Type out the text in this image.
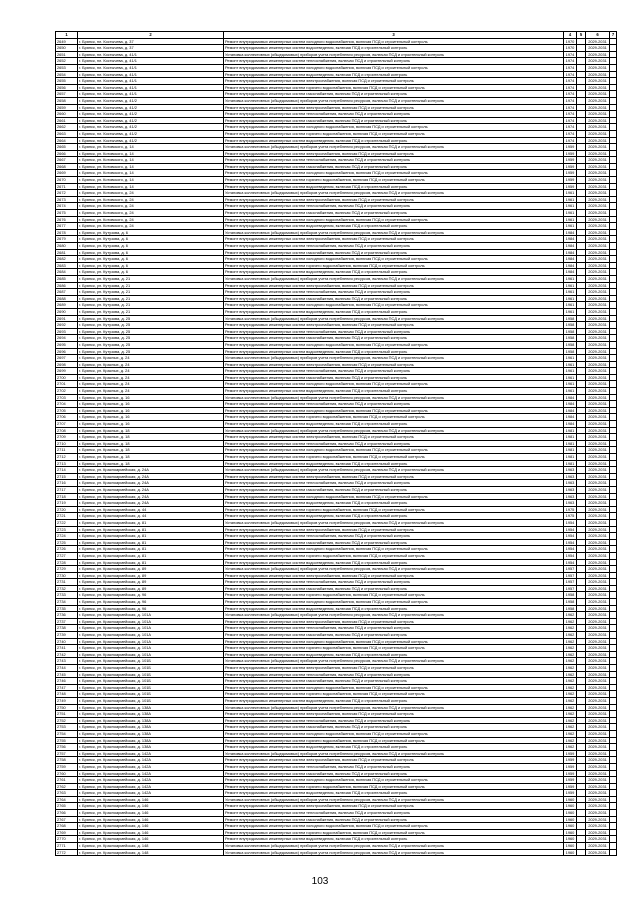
1	2	3	4	5	6	7
2649	г. Брянск, пл. Костычева, д. 37	Ремонт внутридомовых инженерных систем холодного водоснабжения, включая ПСД и строительный контроль	1970		2029-2031	
2650	г. Брянск, пл. Костычева, д. 37	Ремонт внутридомовых инженерных систем водоотведения, включая ПСД и строительный контроль	1970		2029-2031	
2651	г. Брянск, пл. Костычева, д. 41/1	Установка коллективных (общедомовых) приборов учета потребления ресурсов, включая ПСД и строительный контроль	1974		2029-2031	
2652	г. Брянск, пл. Костычева, д. 41/1	Ремонт внутридомовых инженерных систем теплоснабжения, включая ПСД и строительный контроль	1974		2029-2031	
2653	г. Брянск, пл. Костычева, д. 41/1	Ремонт внутридомовых инженерных систем холодного водоснабжения, включая ПСД и строительный контроль	1974		2029-2031	
2654	г. Брянск, пл. Костычева, д. 41/1	Ремонт внутридомовых инженерных систем водоотведения, включая ПСД и строительный контроль	1974		2029-2031	
2655	г. Брянск, пл. Костычева, д. 41/1	Ремонт внутридомовых инженерных систем электроснабжения, включая ПСД и строительный контроль	1974		2029-2031	
2656	г. Брянск, пл. Костычева, д. 41/1	Ремонт внутридомовых инженерных систем горячего водоснабжения, включая ПСД и строительный контроль	1974		2029-2031	
2657	г. Брянск, пл. Костычева, д. 41/1	Ремонт внутридомовых инженерных систем газоснабжения, включая ПСД и строительный контроль	1974		2029-2031	
2658	г. Брянск, пл. Костычева, д. 41/2	Установка коллективных (общедомовых) приборов учета потребления ресурсов, включая ПСД и строительный контроль	1974		2029-2031	
2659	г. Брянск, пл. Костычева, д. 41/2	Ремонт внутридомовых инженерных систем электроснабжения, включая ПСД и строительный контроль	1974		2029-2031	
2660	г. Брянск, пл. Костычева, д. 41/2	Ремонт внутридомовых инженерных систем теплоснабжения, включая ПСД и строительный контроль	1974		2029-2031	
2661	г. Брянск, пл. Костычева, д. 41/2	Ремонт внутридомовых инженерных систем газоснабжения, включая ПСД и строительный контроль	1974		2029-2031	
2662	г. Брянск, пл. Костычева, д. 41/2	Ремонт внутридомовых инженерных систем холодного водоснабжения, включая ПСД и строительный контроль	1974		2029-2031	
2663	г. Брянск, пл. Костычева, д. 41/2	Ремонт внутридомовых инженерных систем горячего водоснабжения, включая ПСД и строительный контроль	1974		2029-2031	
2664	г. Брянск, пл. Костычева, д. 41/2	Ремонт внутридомовых инженерных систем водоотведения, включая ПСД и строительный контроль	1974		2029-2031	
2665	г. Брянск, ул. Котовского, д. 14	Установка коллективных (общедомовых) приборов учета потребления ресурсов, включая ПСД и строительный контроль	1959		2029-2031	
2666	г. Брянск, ул. Котовского, д. 14	Ремонт внутридомовых инженерных систем электроснабжения, включая ПСД и строительный контроль	1959		2029-2031	
2667	г. Брянск, ул. Котовского, д. 14	Ремонт внутридомовых инженерных систем теплоснабжения, включая ПСД и строительный контроль	1959		2029-2031	
2668	г. Брянск, ул. Котовского, д. 14	Ремонт внутридомовых инженерных систем газоснабжения, включая ПСД и строительный контроль	1959		2029-2031	
2669	г. Брянск, ул. Котовского, д. 14	Ремонт внутридомовых инженерных систем холодного водоснабжения, включая ПСД и строительный контроль	1959		2029-2031	
2670	г. Брянск, ул. Котовского, д. 14	Ремонт внутридомовых инженерных систем горячего водоснабжения, включая ПСД и строительный контроль	1959		2029-2031	
2671	г. Брянск, ул. Котовского, д. 14	Ремонт внутридомовых инженерных систем водоотведения, включая ПСД и строительный контроль	1959		2029-2031	
2672	г. Брянск, ул. Котовского, д. 24	Установка коллективных (общедомовых) приборов учета потребления ресурсов, включая ПСД и строительный контроль	1961		2029-2031	
2673	г. Брянск, ул. Котовского, д. 24	Ремонт внутридомовых инженерных систем электроснабжения, включая ПСД и строительный контроль	1961		2029-2031	
2674	г. Брянск, ул. Котовского, д. 24	Ремонт внутридомовых инженерных систем теплоснабжения, включая ПСД и строительный контроль	1961		2029-2031	
2675	г. Брянск, ул. Котовского, д. 24	Ремонт внутридомовых инженерных систем газоснабжения, включая ПСД и строительный контроль	1961		2029-2031	
2676	г. Брянск, ул. Котовского, д. 24	Ремонт внутридомовых инженерных систем холодного водоснабжения, включая ПСД и строительный контроль	1961		2029-2031	
2677	г. Брянск, ул. Котовского, д. 24	Ремонт внутридомовых инженерных систем водоотведения, включая ПСД и строительный контроль	1961		2029-2031	
2678	г. Брянск, ул. Кутузова, д. 6	Установка коллективных (общедомовых) приборов учета потребления ресурсов, включая ПСД и строительный контроль	1984		2029-2031	
2679	г. Брянск, ул. Кутузова, д. 6	Ремонт внутридомовых инженерных систем электроснабжения, включая ПСД и строительный контроль	1984		2029-2031	
2680	г. Брянск, ул. Кутузова, д. 6	Ремонт внутридомовых инженерных систем теплоснабжения, включая ПСД и строительный контроль	1984		2029-2031	
2681	г. Брянск, ул. Кутузова, д. 6	Ремонт внутридомовых инженерных систем газоснабжения, включая ПСД и строительный контроль	1984		2029-2031	
2682	г. Брянск, ул. Кутузова, д. 6	Ремонт внутридомовых инженерных систем холодного водоснабжения, включая ПСД и строительный контроль	1984		2029-2031	
2683	г. Брянск, ул. Кутузова, д. 6	Ремонт внутридомовых инженерных систем горячего водоснабжения, включая ПСД и строительный контроль	1984		2029-2031	
2684	г. Брянск, ул. Кутузова, д. 6	Ремонт внутридомовых инженерных систем водоотведения, включая ПСД и строительный контроль	1984		2029-2031	
2685	г. Брянск, ул. Кутузова, д. 21	Установка коллективных (общедомовых) приборов учета потребления ресурсов, включая ПСД и строительный контроль	1961		2029-2031	
2686	г. Брянск, ул. Кутузова, д. 21	Ремонт внутридомовых инженерных систем электроснабжения, включая ПСД и строительный контроль	1961		2029-2031	
2687	г. Брянск, ул. Кутузова, д. 21	Ремонт внутридомовых инженерных систем теплоснабжения, включая ПСД и строительный контроль	1961		2029-2031	
2688	г. Брянск, ул. Кутузова, д. 21	Ремонт внутридомовых инженерных систем газоснабжения, включая ПСД и строительный контроль	1961		2029-2031	
2689	г. Брянск, ул. Кутузова, д. 21	Ремонт внутридомовых инженерных систем холодного водоснабжения, включая ПСД и строительный контроль	1961		2029-2031	
2690	г. Брянск, ул. Кутузова, д. 21	Ремонт внутридомовых инженерных систем водоотведения, включая ПСД и строительный контроль	1961		2029-2031	
2691	г. Брянск, ул. Кутузова, д. 25	Установка коллективных (общедомовых) приборов учета потребления ресурсов, включая ПСД и строительный контроль	1958		2029-2031	
2692	г. Брянск, ул. Кутузова, д. 25	Ремонт внутридомовых инженерных систем электроснабжения, включая ПСД и строительный контроль	1958		2029-2031	
2693	г. Брянск, ул. Кутузова, д. 25	Ремонт внутридомовых инженерных систем теплоснабжения, включая ПСД и строительный контроль	1958		2029-2031	
2694	г. Брянск, ул. Кутузова, д. 25	Ремонт внутридомовых инженерных систем газоснабжения, включая ПСД и строительный контроль	1958		2029-2031	
2695	г. Брянск, ул. Кутузова, д. 25	Ремонт внутридомовых инженерных систем холодного водоснабжения, включая ПСД и строительный контроль	1958		2029-2031	
2696	г. Брянск, ул. Кутузова, д. 25	Ремонт внутридомовых инженерных систем водоотведения, включая ПСД и строительный контроль	1958		2029-2031	
2697	г. Брянск, ул. Красных, д. 24	Установка коллективных (общедомовых) приборов учета потребления ресурсов, включая ПСД и строительный контроль	1961		2029-2031	
2698	г. Брянск, ул. Красных, д. 24	Ремонт внутридомовых инженерных систем электроснабжения, включая ПСД и строительный контроль	1961		2029-2031	
2699	г. Брянск, ул. Красных, д. 24	Ремонт внутридомовых инженерных систем теплоснабжения, включая ПСД и строительный контроль	1961		2029-2031	
2700	г. Брянск, ул. Красных, д. 24	Ремонт внутридомовых инженерных систем газоснабжения, включая ПСД и строительный контроль	1961		2029-2031	
2701	г. Брянск, ул. Красных, д. 24	Ремонт внутридомовых инженерных систем холодного водоснабжения, включая ПСД и строительный контроль	1961		2029-2031	
2702	г. Брянск, ул. Красных, д. 24	Ремонт внутридомовых инженерных систем водоотведения, включая ПСД и строительный контроль	1961		2029-2031	
2703	г. Брянск, ул. Красных, д. 16	Установка коллективных (общедомовых) приборов учета потребления ресурсов, включая ПСД и строительный контроль	1984		2029-2031	
2704	г. Брянск, ул. Красных, д. 16	Ремонт внутридомовых инженерных систем теплоснабжения, включая ПСД и строительный контроль	1984		2029-2031	
2705	г. Брянск, ул. Красных, д. 16	Ремонт внутридомовых инженерных систем холодного водоснабжения, включая ПСД и строительный контроль	1984		2029-2031	
2706	г. Брянск, ул. Красных, д. 16	Ремонт внутридомовых инженерных систем горячего водоснабжения, включая ПСД и строительный контроль	1984		2029-2031	
2707	г. Брянск, ул. Красных, д. 16	Ремонт внутридомовых инженерных систем водоотведения, включая ПСД и строительный контроль	1984		2029-2031	
2708	г. Брянск, ул. Красных, д. 18	Установка коллективных (общедомовых) приборов учета потребления ресурсов, включая ПСД и строительный контроль	1981		2029-2031	
2709	г. Брянск, ул. Красных, д. 18	Ремонт внутридомовых инженерных систем электроснабжения, включая ПСД и строительный контроль	1981		2029-2031	
2710	г. Брянск, ул. Красных, д. 18	Ремонт внутридомовых инженерных систем теплоснабжения, включая ПСД и строительный контроль	1981		2029-2031	
2711	г. Брянск, ул. Красных, д. 18	Ремонт внутридомовых инженерных систем холодного водоснабжения, включая ПСД и строительный контроль	1981		2029-2031	
2712	г. Брянск, ул. Красных, д. 18	Ремонт внутридомовых инженерных систем горячего водоснабжения, включая ПСД и строительный контроль	1981		2029-2031	
2713	г. Брянск, ул. Красных, д. 18	Ремонт внутридомовых инженерных систем водоотведения, включая ПСД и строительный контроль	1981		2029-2031	
2714	г. Брянск, ул. Красноармейская, д. 24А	Установка коллективных (общедомовых) приборов учета потребления ресурсов, включая ПСД и строительный контроль	1963		2029-2031	
2715	г. Брянск, ул. Красноармейская, д. 24А	Ремонт внутридомовых инженерных систем электроснабжения, включая ПСД и строительный контроль	1963		2029-2031	
2716	г. Брянск, ул. Красноармейская, д. 24А	Ремонт внутридомовых инженерных систем теплоснабжения, включая ПСД и строительный контроль	1963		2029-2031	
2717	г. Брянск, ул. Красноармейская, д. 24А	Ремонт внутридомовых инженерных систем газоснабжения, включая ПСД и строительный контроль	1963		2029-2031	
2718	г. Брянск, ул. Красноармейская, д. 24А	Ремонт внутридомовых инженерных систем холодного водоснабжения, включая ПСД и строительный контроль	1963		2029-2031	
2719	г. Брянск, ул. Красноармейская, д. 24А	Ремонт внутридомовых инженерных систем водоотведения, включая ПСД и строительный контроль	1963		2029-2031	
2720	г. Брянск, ул. Красноармейская, д. 44	Ремонт внутридомовых инженерных систем горячего водоснабжения, включая ПСД и строительный контроль	1975		2029-2031	
2721	г. Брянск, ул. Красноармейская, д. 44	Ремонт внутридомовых инженерных систем водоотведения, включая ПСД и строительный контроль	1975		2029-2031	
2722	г. Брянск, ул. Красноармейская, д. 81	Установка коллективных (общедомовых) приборов учета потребления ресурсов, включая ПСД и строительный контроль	1954		2029-2031	
2723	г. Брянск, ул. Красноармейская, д. 81	Ремонт внутридомовых инженерных систем электроснабжения, включая ПСД и строительный контроль	1954		2029-2031	
2724	г. Брянск, ул. Красноармейская, д. 81	Ремонт внутридомовых инженерных систем теплоснабжения, включая ПСД и строительный контроль	1954		2029-2031	
2725	г. Брянск, ул. Красноармейская, д. 81	Ремонт внутридомовых инженерных систем газоснабжения, включая ПСД и строительный контроль	1954		2029-2031	
2726	г. Брянск, ул. Красноармейская, д. 81	Ремонт внутридомовых инженерных систем холодного водоснабжения, включая ПСД и строительный контроль	1954		2029-2031	
2727	г. Брянск, ул. Красноармейская, д. 81	Ремонт внутридомовых инженерных систем горячего водоснабжения, включая ПСД и строительный контроль	1954		2029-2031	
2728	г. Брянск, ул. Красноармейская, д. 81	Ремонт внутридомовых инженерных систем водоотведения, включая ПСД и строительный контроль	1954		2029-2031	
2729	г. Брянск, ул. Красноармейская, д. 89	Установка коллективных (общедомовых) приборов учета потребления ресурсов, включая ПСД и строительный контроль	1957		2029-2031	
2730	г. Брянск, ул. Красноармейская, д. 89	Ремонт внутридомовых инженерных систем электроснабжения, включая ПСД и строительный контроль	1957		2029-2031	
2731	г. Брянск, ул. Красноармейская, д. 89	Ремонт внутридомовых инженерных систем теплоснабжения, включая ПСД и строительный контроль	1957		2029-2031	
2732	г. Брянск, ул. Красноармейская, д. 89	Ремонт внутридомовых инженерных систем газоснабжения, включая ПСД и строительный контроль	1957		2029-2031	
2733	г. Брянск, ул. Красноармейская, д. 96	Ремонт внутридомовых инженерных систем горячего водоснабжения, включая ПСД и строительный контроль	1958		2029-2031	
2734	г. Брянск, ул. Красноармейская, д. 96	Ремонт внутридомовых инженерных систем холодного водоснабжения, включая ПСД и строительный контроль	1958		2029-2031	
2735	г. Брянск, ул. Красноармейская, д. 96	Ремонт внутридомовых инженерных систем водоотведения, включая ПСД и строительный контроль	1958		2029-2031	
2736	г. Брянск, ул. Красноармейская, д. 101А	Установка коллективных (общедомовых) приборов учета потребления ресурсов, включая ПСД и строительный контроль	1962		2029-2031	
2737	г. Брянск, ул. Красноармейская, д. 101А	Ремонт внутридомовых инженерных систем электроснабжения, включая ПСД и строительный контроль	1962		2029-2031	
2738	г. Брянск, ул. Красноармейская, д. 101А	Ремонт внутридомовых инженерных систем теплоснабжения, включая ПСД и строительный контроль	1962		2029-2031	
2739	г. Брянск, ул. Красноармейская, д. 101А	Ремонт внутридомовых инженерных систем газоснабжения, включая ПСД и строительный контроль	1962		2029-2031	
2740	г. Брянск, ул. Красноармейская, д. 101А	Ремонт внутридомовых инженерных систем холодного водоснабжения, включая ПСД и строительный контроль	1962		2029-2031	
2741	г. Брянск, ул. Красноармейская, д. 101А	Ремонт внутридомовых инженерных систем горячего водоснабжения, включая ПСД и строительный контроль	1962		2029-2031	
2742	г. Брянск, ул. Красноармейская, д. 101А	Ремонт внутридомовых инженерных систем водоотведения, включая ПСД и строительный контроль	1962		2029-2031	
2743	г. Брянск, ул. Красноармейская, д. 101Б	Установка коллективных (общедомовых) приборов учета потребления ресурсов, включая ПСД и строительный контроль	1962		2029-2031	
2744	г. Брянск, ул. Красноармейская, д. 101Б	Ремонт внутридомовых инженерных систем электроснабжения, включая ПСД и строительный контроль	1962		2029-2031	
2745	г. Брянск, ул. Красноармейская, д. 101Б	Ремонт внутридомовых инженерных систем теплоснабжения, включая ПСД и строительный контроль	1962		2029-2031	
2746	г. Брянск, ул. Красноармейская, д. 101Б	Ремонт внутридомовых инженерных систем газоснабжения, включая ПСД и строительный контроль	1962		2029-2031	
2747	г. Брянск, ул. Красноармейская, д. 101Б	Ремонт внутридомовых инженерных систем холодного водоснабжения, включая ПСД и строительный контроль	1962		2029-2031	
2748	г. Брянск, ул. Красноармейская, д. 101Б	Ремонт внутридомовых инженерных систем горячего водоснабжения, включая ПСД и строительный контроль	1962		2029-2031	
2749	г. Брянск, ул. Красноармейская, д. 101Б	Ремонт внутридомовых инженерных систем водоотведения, включая ПСД и строительный контроль	1962		2029-2031	
2750	г. Брянск, ул. Красноармейская, д. 138А	Установка коллективных (общедомовых) приборов учета потребления ресурсов, включая ПСД и строительный контроль	1962		2029-2031	
2751	г. Брянск, ул. Красноармейская, д. 138А	Ремонт внутридомовых инженерных систем электроснабжения, включая ПСД и строительный контроль	1962		2029-2031	
2752	г. Брянск, ул. Красноармейская, д. 138А	Ремонт внутридомовых инженерных систем теплоснабжения, включая ПСД и строительный контроль	1962		2029-2031	
2753	г. Брянск, ул. Красноармейская, д. 138А	Ремонт внутридомовых инженерных систем газоснабжения, включая ПСД и строительный контроль	1962		2029-2031	
2754	г. Брянск, ул. Красноармейская, д. 138А	Ремонт внутридомовых инженерных систем холодного водоснабжения, включая ПСД и строительный контроль	1962		2029-2031	
2755	г. Брянск, ул. Красноармейская, д. 138А	Ремонт внутридомовых инженерных систем горячего водоснабжения, включая ПСД и строительный контроль	1962		2029-2031	
2756	г. Брянск, ул. Красноармейская, д. 138А	Ремонт внутридомовых инженерных систем водоотведения, включая ПСД и строительный контроль	1962		2029-2031	
2757	г. Брянск, ул. Красноармейская, д. 142А	Установка коллективных (общедомовых) приборов учета потребления ресурсов, включая ПСД и строительный контроль	1959		2029-2031	
2758	г. Брянск, ул. Красноармейская, д. 142А	Ремонт внутридомовых инженерных систем электроснабжения, включая ПСД и строительный контроль	1959		2029-2031	
2759	г. Брянск, ул. Красноармейская, д. 142А	Ремонт внутридомовых инженерных систем теплоснабжения, включая ПСД и строительный контроль	1959		2029-2031	
2760	г. Брянск, ул. Красноармейская, д. 142А	Ремонт внутридомовых инженерных систем газоснабжения, включая ПСД и строительный контроль	1959		2029-2031	
2761	г. Брянск, ул. Красноармейская, д. 142А	Ремонт внутридомовых инженерных систем холодного водоснабжения, включая ПСД и строительный контроль	1959		2029-2031	
2762	г. Брянск, ул. Красноармейская, д. 142А	Ремонт внутридомовых инженерных систем горячего водоснабжения, включая ПСД и строительный контроль	1959		2029-2031	
2763	г. Брянск, ул. Красноармейская, д. 142А	Ремонт внутридомовых инженерных систем водоотведения, включая ПСД и строительный контроль	1959		2029-2031	
2764	г. Брянск, ул. Красноармейская, д. 146	Установка коллективных (общедомовых) приборов учета потребления ресурсов, включая ПСД и строительный контроль	1960		2029-2031	
2765	г. Брянск, ул. Красноармейская, д. 146	Ремонт внутридомовых инженерных систем электроснабжения, включая ПСД и строительный контроль	1960		2029-2031	
2766	г. Брянск, ул. Красноармейская, д. 146	Ремонт внутридомовых инженерных систем теплоснабжения, включая ПСД и строительный контроль	1960		2029-2031	
2767	г. Брянск, ул. Красноармейская, д. 146	Ремонт внутридомовых инженерных систем газоснабжения, включая ПСД и строительный контроль	1960		2029-2031	
2768	г. Брянск, ул. Красноармейская, д. 146	Ремонт внутридомовых инженерных систем холодного водоснабжения, включая ПСД и строительный контроль	1960		2029-2031	
2769	г. Брянск, ул. Красноармейская, д. 146	Ремонт внутридомовых инженерных систем горячего водоснабжения, включая ПСД и строительный контроль	1960		2029-2031	
2770	г. Брянск, ул. Красноармейская, д. 146	Ремонт внутридомовых инженерных систем водоотведения, включая ПСД и строительный контроль	1960		2029-2031	
2771	г. Брянск, ул. Красноармейская, д. 148	Установка коллективных (общедомовых) приборов учета потребления ресурсов, включая ПСД и строительный контроль	1960		2029-2031	
2772	г. Брянск, ул. Красноармейская, д. 148	Установка коллективных (общедомовых) приборов учета потребления ресурсов, включая ПСД и строительный контроль	1960		2029-2031	
103
